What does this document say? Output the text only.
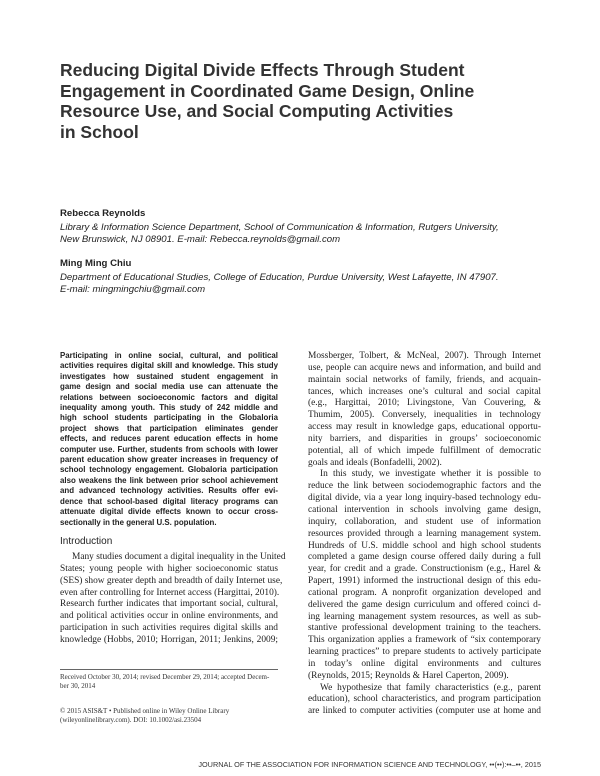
Reducing Digital Divide Effects Through Student
Engagement in Coordinated Game Design, Online
Resource Use, and Social Computing Activities
in School
Rebecca Reynolds
Library & Information Science Department, School of Communication & Information, Rutgers University,
New Brunswick, NJ 08901. E-mail: Rebecca.reynolds@gmail.com
Ming Ming Chiu
Department of Educational Studies, College of Education, Purdue University, West Lafayette, IN 47907.
E-mail: mingmingchiu@gmail.com
Participating in online social, cultural, and political
activities requires digital skill and knowledge. This study
investigates how sustained student engagement in
game design and social media use can attenuate the
relations between socioeconomic factors and digital
inequality among youth. This study of 242 middle and
high school students participating in the Globaloria
project shows that participation eliminates gender
effects, and reduces parent education effects in home
computer use. Further, students from schools with lower
parent education show greater increases in frequency of
school technology engagement. Globaloria participation
also weakens the link between prior school achievement
and advanced technology activities. Results offer evi-
dence that school-based digital literacy programs can
attenuate digital divide effects known to occur cross-
sectionally in the general U.S. population.
Introduction
Many studies document a digital inequality in the United
States; young people with higher socioeconomic status
(SES) show greater depth and breadth of daily Internet use,
even after controlling for Internet access (Hargittai, 2010).
Research further indicates that important social, cultural,
and political activities occur in online environments, and
participation in such activities requires digital skills and
knowledge (Hobbs, 2010; Horrigan, 2011; Jenkins, 2009;
Received October 30, 2014; revised December 29, 2014; accepted Decem-
ber 30, 2014
© 2015 ASIS&T • Published online in Wiley Online Library
(wileyonlinelibrary.com). DOI: 10.1002/asi.23504
Mossberger, Tolbert, & McNeal, 2007). Through Internet
use, people can acquire news and information, and build and
maintain social networks of family, friends, and acquain-
tances, which increases one’s cultural and social capital
(e.g., Hargittai, 2010; Livingstone, Van Couvering, &
Thumim, 2005). Conversely, inequalities in technology
access may result in knowledge gaps, educational opportu-
nity barriers, and disparities in groups’ socioeconomic
potential, all of which impede fulfillment of democratic
goals and ideals (Bonfadelli, 2002).
In this study, we investigate whether it is possible to
reduce the link between sociodemographic factors and the
digital divide, via a year long inquiry-based technology edu-
cational intervention in schools involving game design,
inquiry, collaboration, and student use of information
resources provided through a learning management system.
Hundreds of U.S. middle school and high school students
completed a game design course offered daily during a full
year, for credit and a grade. Constructionism (e.g., Harel &
Papert, 1991) informed the instructional design of this edu-
cational program. A nonprofit organization developed and
delivered the game design curriculum and offered coinci d-
ing learning management system resources, as well as sub-
stantive professional development training to the teachers.
This organization applies a framework of “six contemporary
learning practices” to prepare students to actively participate
in today’s online digital environments and cultures
(Reynolds, 2015; Reynolds & Harel Caperton, 2009).
We hypothesize that family characteristics (e.g., parent
education), school characteristics, and program participation
are linked to computer activities (computer use at home and
JOURNAL OF THE ASSOCIATION FOR INFORMATION SCIENCE AND TECHNOLOGY, ••(••):••–••, 2015
